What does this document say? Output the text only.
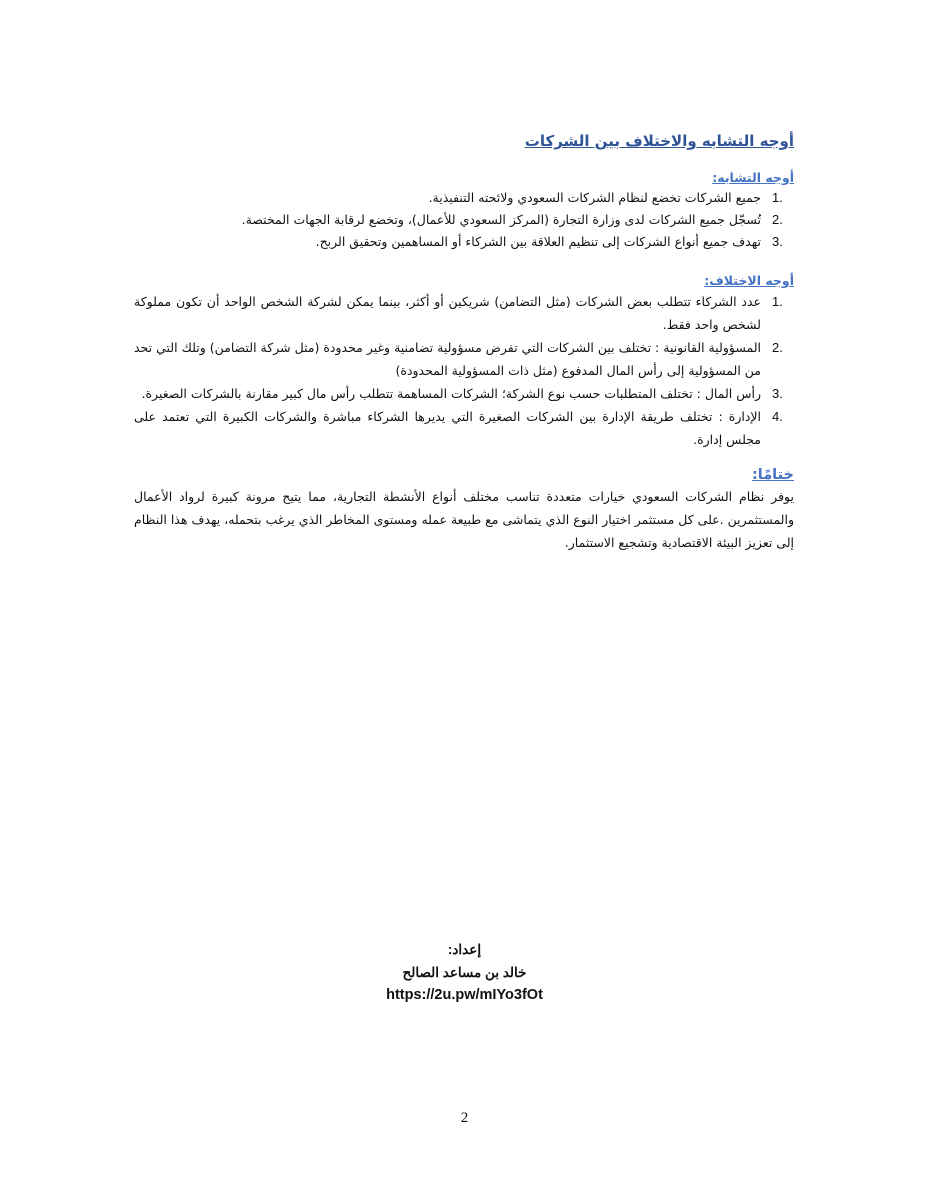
أوجه التشابه والاختلاف بين الشركات
أوجه التشابه:
1.
جميع الشركات تخضع لنظام الشركات السعودي ولائحته التنفيذية.
2.
تُسجّل جميع الشركات لدى وزارة التجارة (المركز السعودي للأعمال)، وتخضع لرقابة الجهات المختصة.
3.
تهدف جميع أنواع الشركات إلى تنظيم العلاقة بين الشركاء أو المساهمين وتحقيق الربح.
أوجه الاختلاف:
1.
عدد الشركاء تتطلب بعض الشركات (مثل التضامن) شريكين أو أكثر، بينما يمكن لشركة الشخص الواحد أن تكون مملوكة لشخص واحد فقط.
2.
المسؤولية القانونية : تختلف بين الشركات التي تفرض مسؤولية تضامنية وغير محدودة (مثل شركة التضامن) وتلك التي تحد من المسؤولية إلى رأس المال المدفوع (مثل ذات المسؤولية المحدودة)
3.
رأس المال : تختلف المتطلبات حسب نوع الشركة؛ الشركات المساهمة تتطلب رأس مال كبير مقارنة بالشركات الصغيرة.
4.
الإدارة : تختلف طريقة الإدارة بين الشركات الصغيرة التي يديرها الشركاء مباشرة والشركات الكبيرة التي تعتمد على مجلس إدارة.
ختامًا:

يوفر نظام الشركات السعودي خيارات متعددة تناسب مختلف أنواع الأنشطة التجارية، مما يتيح مرونة كبيرة لرواد الأعمال والمستثمرين .على كل مستثمر اختيار النوع الذي يتماشى مع طبيعة عمله ومستوى المخاطر الذي يرغب بتحمله، يهدف هذا النظام إلى تعزيز البيئة الاقتصادية وتشجيع الاستثمار.

إعداد:
خالد بن مساعد الصالح
https://2u.pw/mIYo3fOt
2
